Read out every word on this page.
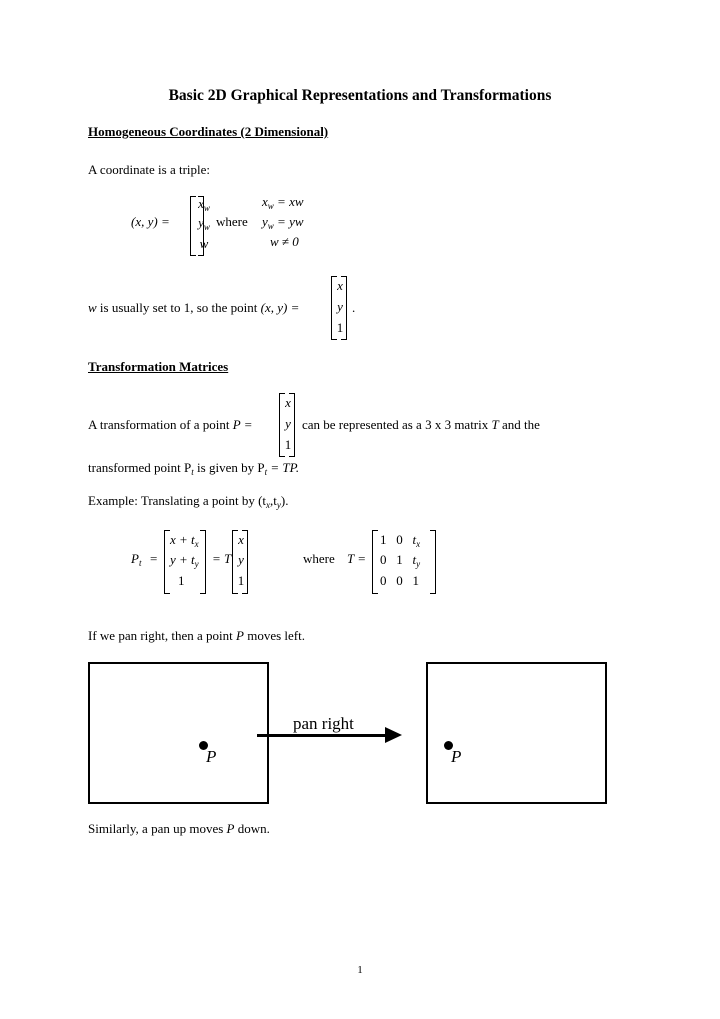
Basic 2D Graphical Representations and Transformations
Homogeneous Coordinates (2 Dimensional)
A coordinate is a triple:
(x, y) =
$x_w$
$y_w$
w
where
$x_w$ = xw
$y_w$ = yw
w ≠ 0
w is usually set to 1, so the point (x, y) =
x
y
1
.
Transformation Matrices
A transformation of a point P =
x
y
1
can be represented as a 3 x 3 matrix T and the
transformed point $P_t$ is given by $P_t$ = TP.
Example: Translating a point by $(t_x,t_y)$.
$P_t$ =
$x + t_x$
$y + t_y$
1
= T
x
y
1
where T =
1 0 $t_x$
0 1 $t_y$
0 0 1
If we pan right, then a point P moves left.
P
pan right
P
Similarly, a pan up moves P down.
1
